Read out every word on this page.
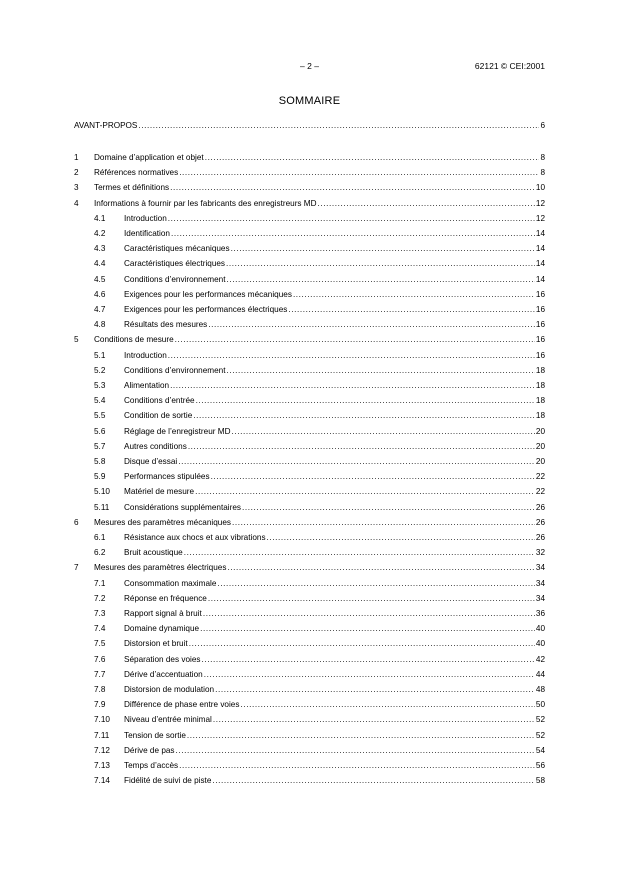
– 2 –	62121 © CEI:2001
SOMMAIRE
AVANT-PROPOS .....	6
1 Domaine d’application et objet .....	8
2 Références normatives .....	8
3 Termes et définitions .....	10
4 Informations à fournir par les fabricants des enregistreurs MD .....	12
4.1 Introduction .....	12
4.2 Identification .....	14
4.3 Caractéristiques mécaniques .....	14
4.4 Caractéristiques électriques .....	14
4.5 Conditions d’environnement .....	14
4.6 Exigences pour les performances mécaniques .....	16
4.7 Exigences pour les performances électriques .....	16
4.8 Résultats des mesures .....	16
5 Conditions de mesure .....	16
5.1 Introduction .....	16
5.2 Conditions d’environnement .....	18
5.3 Alimentation .....	18
5.4 Conditions d’entrée .....	18
5.5 Condition de sortie .....	18
5.6 Réglage de l’enregistreur MD .....	20
5.7 Autres conditions .....	20
5.8 Disque d’essai .....	20
5.9 Performances stipulées .....	22
5.10 Matériel de mesure .....	22
5.11 Considérations supplémentaires .....	26
6 Mesures des paramètres mécaniques .....	26
6.1 Résistance aux chocs et aux vibrations .....	26
6.2 Bruit acoustique .....	32
7 Mesures des paramètres électriques .....	34
7.1 Consommation maximale .....	34
7.2 Réponse en fréquence .....	34
7.3 Rapport signal à bruit .....	36
7.4 Domaine dynamique .....	40
7.5 Distorsion et bruit .....	40
7.6 Séparation des voies .....	42
7.7 Dérive d’accentuation .....	44
7.8 Distorsion de modulation .....	48
7.9 Différence de phase entre voies .....	50
7.10 Niveau d’entrée minimal .....	52
7.11 Tension de sortie .....	52
7.12 Dérive de pas .....	54
7.13 Temps d’accès .....	56
7.14 Fidélité de suivi de piste .....	58
